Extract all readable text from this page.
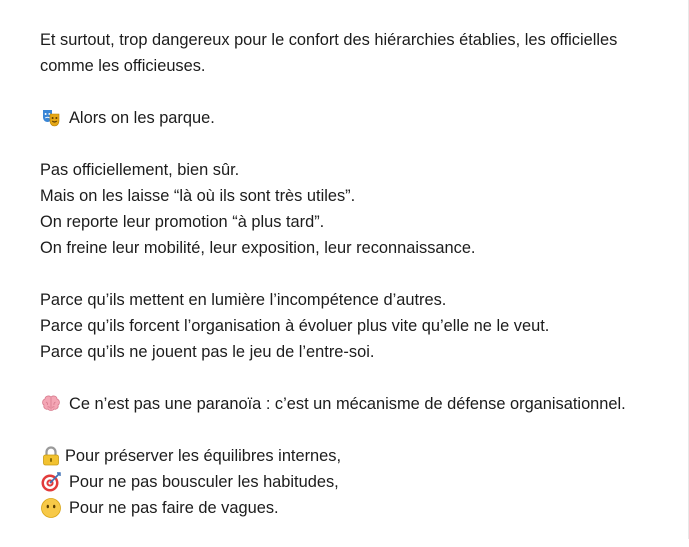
Et surtout, trop dangereux pour le confort des hiérarchies établies, les officielles
comme les officieuses.

Alors on les parque.

Pas officiellement, bien sûr.
Mais on les laisse “là où ils sont très utiles”.
On reporte leur promotion “à plus tard”.
On freine leur mobilité, leur exposition, leur reconnaissance.

Parce qu’ils mettent en lumière l’incompétence d’autres.
Parce qu’ils forcent l’organisation à évoluer plus vite qu’elle ne le veut.
Parce qu’ils ne jouent pas le jeu de l’entre-soi.

Ce n’est pas une paranoïa : c’est un mécanisme de défense organisationnel.

Pour préserver les équilibres internes,
Pour ne pas bousculer les habitudes,
Pour ne pas faire de vagues.
